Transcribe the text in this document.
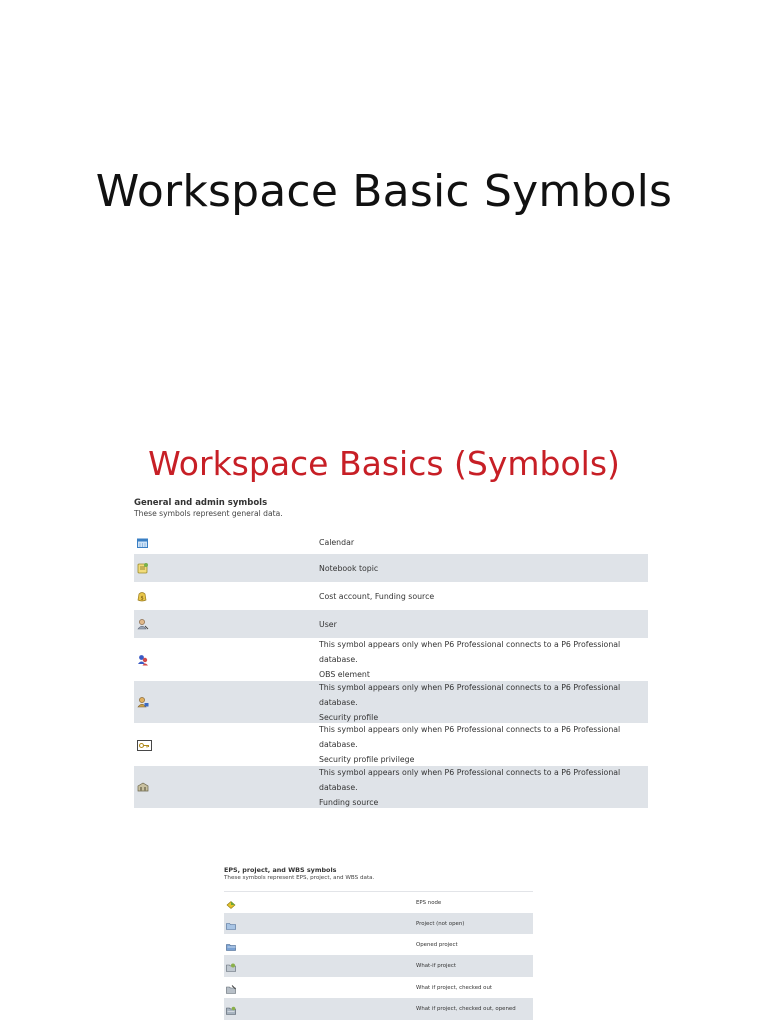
Workspace Basic Symbols
Workspace Basics (Symbols)
General and admin symbols
These symbols represent general data.
Calendar
Notebook topic
$	Cost account, Funding source
User
This symbol appears only when P6 Professional connects to a P6 Professional database.
OBS element
This symbol appears only when P6 Professional connects to a P6 Professional database.
Security profile
This symbol appears only when P6 Professional connects to a P6 Professional database.
Security profile privilege
This symbol appears only when P6 Professional connects to a P6 Professional database.
Funding source
EPS, project, and WBS symbols
These symbols represent EPS, project, and WBS data.
EPS node
Project (not open)
Opened project
What-if project
What if project, checked out
What if project, checked out, opened
